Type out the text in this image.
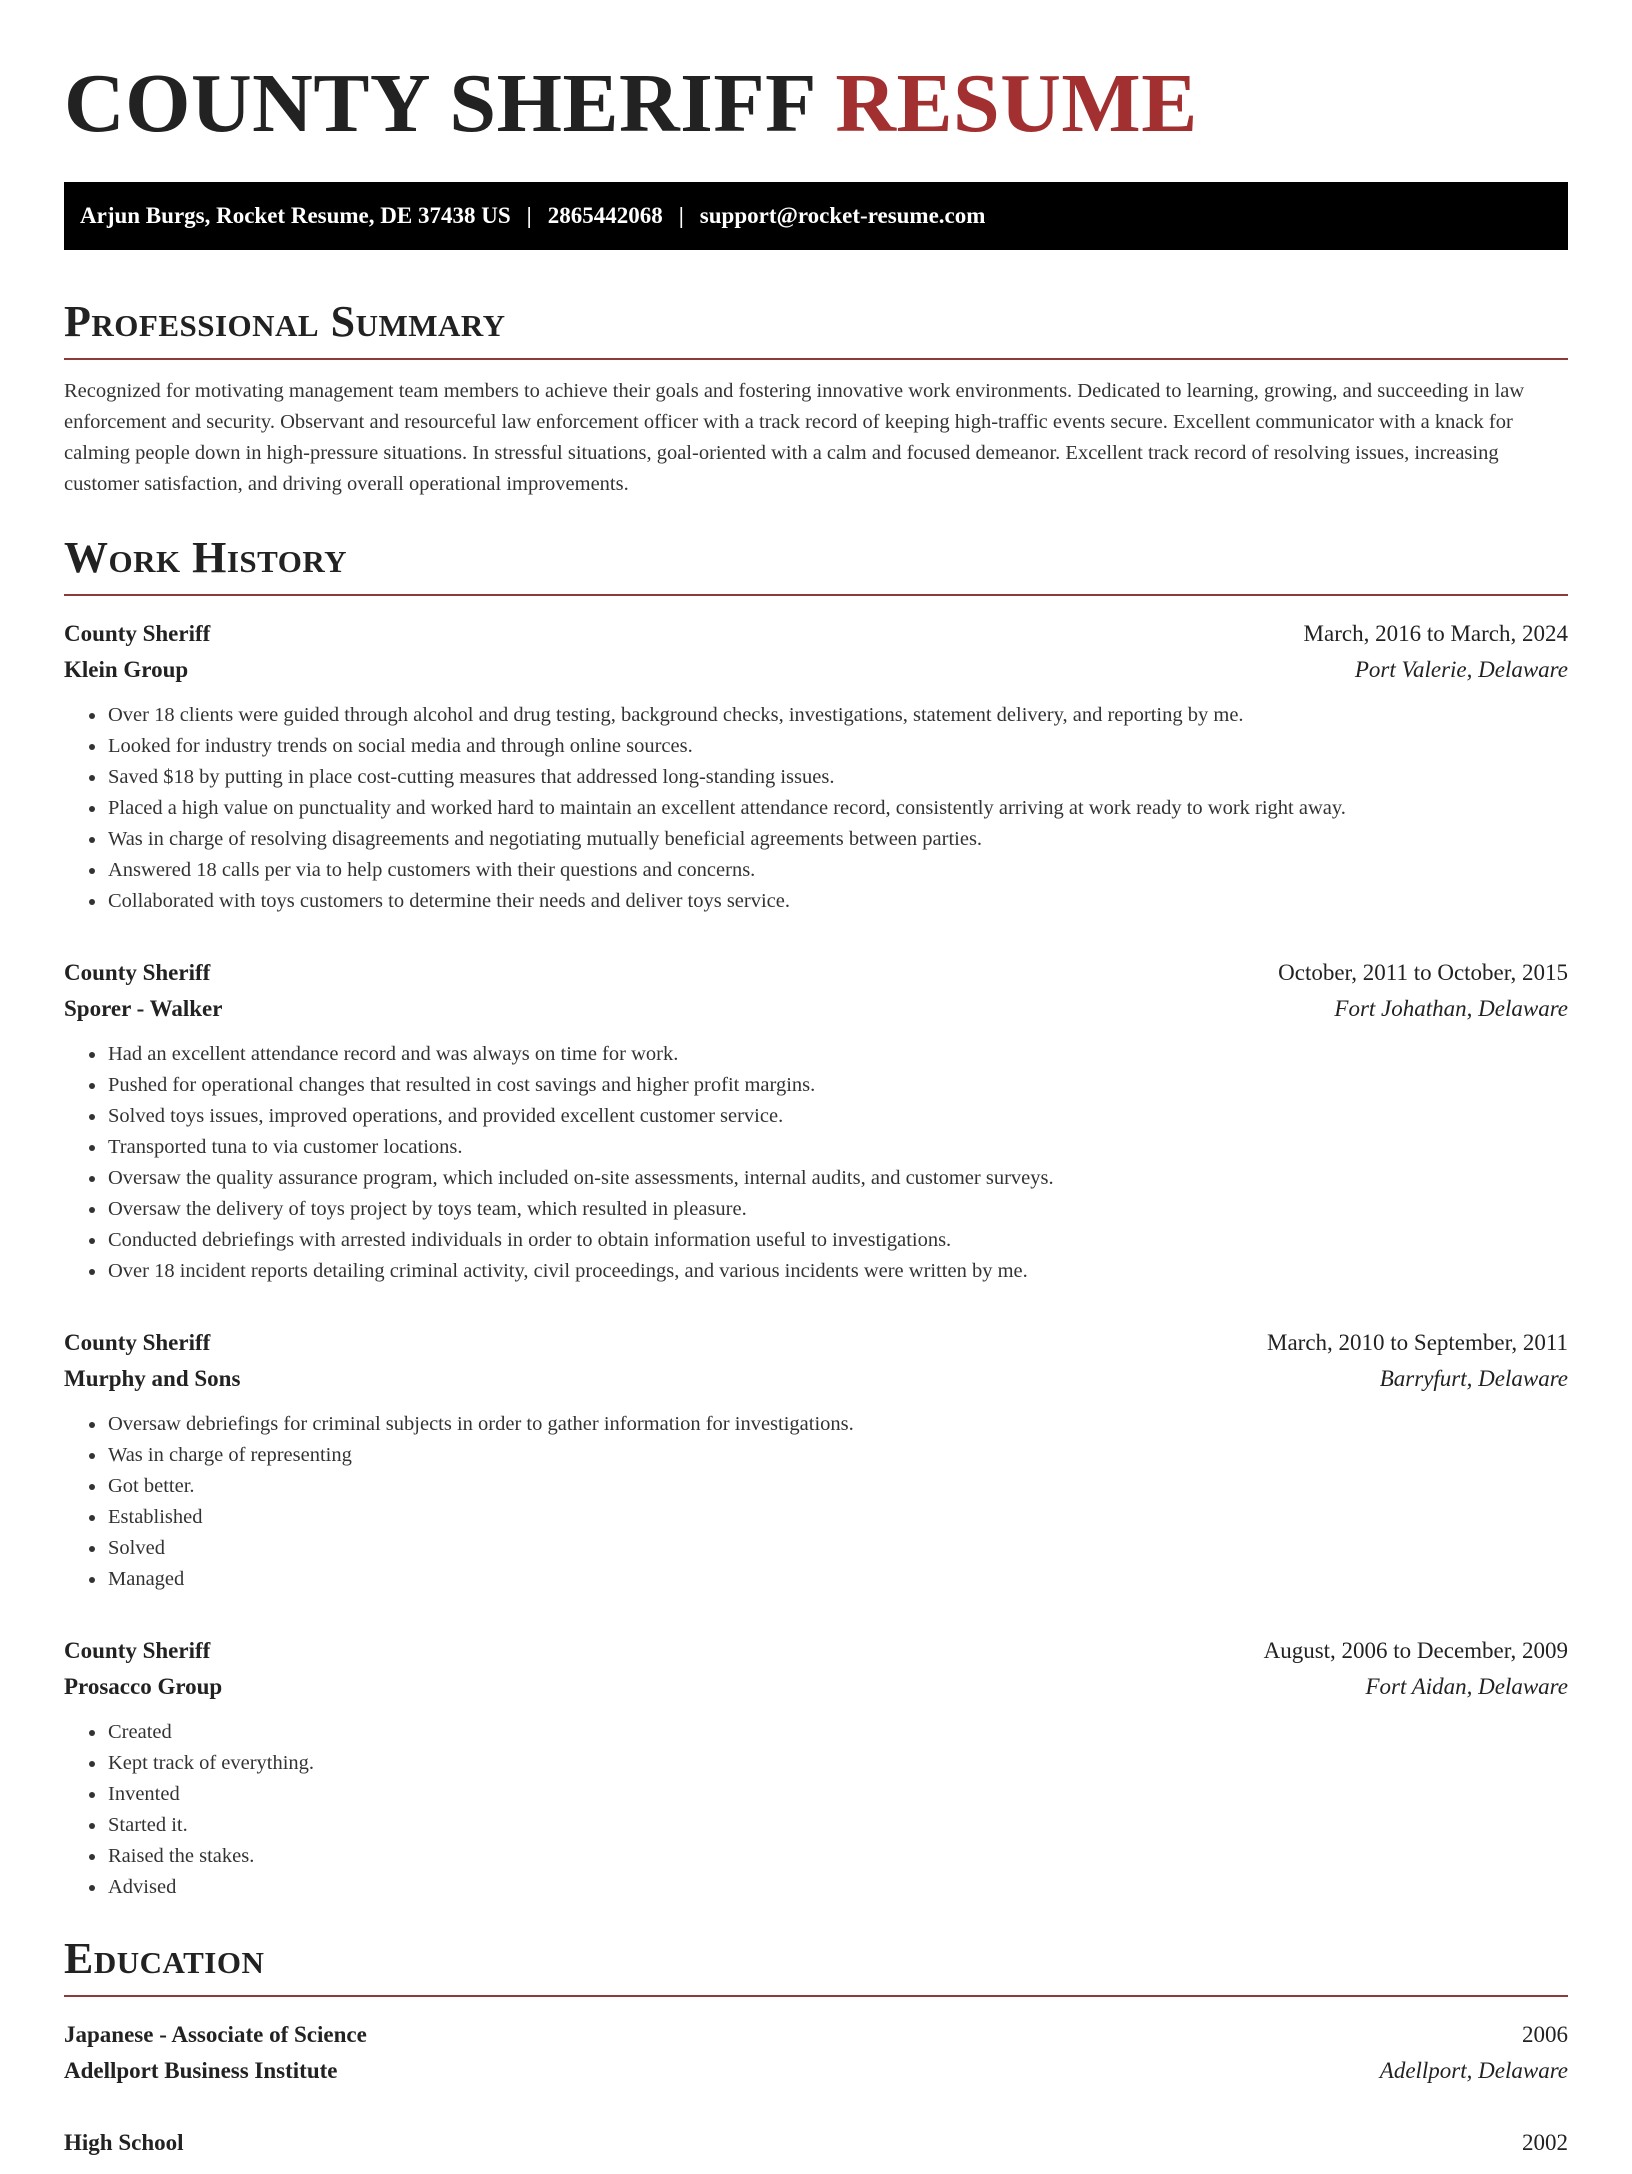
COUNTY SHERIFF RESUME
Arjun Burgs, Rocket Resume, DE 37438 US | 2865442068 | support@rocket-resume.com
Professional Summary

Recognized for motivating management team members to achieve their goals and fostering innovative work environments. Dedicated to learning, growing, and succeeding in law enforcement and security. Observant and resourceful law enforcement officer with a track record of keeping high-traffic events secure. Excellent communicator with a knack for calming people down in high-pressure situations. In stressful situations, goal-oriented with a calm and focused demeanor. Excellent track record of resolving issues, increasing customer satisfaction, and driving overall operational improvements.

Work History
County Sheriff	March, 2016 to March, 2024
Klein Group	Port Valerie, Delaware
• Over 18 clients were guided through alcohol and drug testing, background checks, investigations, statement delivery, and reporting by me.
• Looked for industry trends on social media and through online sources.
• Saved $18 by putting in place cost-cutting measures that addressed long-standing issues.
• Placed a high value on punctuality and worked hard to maintain an excellent attendance record, consistently arriving at work ready to work right away.
• Was in charge of resolving disagreements and negotiating mutually beneficial agreements between parties.
• Answered 18 calls per via to help customers with their questions and concerns.
• Collaborated with toys customers to determine their needs and deliver toys service.
County Sheriff	October, 2011 to October, 2015
Sporer - Walker	Fort Johathan, Delaware
• Had an excellent attendance record and was always on time for work.
• Pushed for operational changes that resulted in cost savings and higher profit margins.
• Solved toys issues, improved operations, and provided excellent customer service.
• Transported tuna to via customer locations.
• Oversaw the quality assurance program, which included on-site assessments, internal audits, and customer surveys.
• Oversaw the delivery of toys project by toys team, which resulted in pleasure.
• Conducted debriefings with arrested individuals in order to obtain information useful to investigations.
• Over 18 incident reports detailing criminal activity, civil proceedings, and various incidents were written by me.
County Sheriff	March, 2010 to September, 2011
Murphy and Sons	Barryfurt, Delaware
• Oversaw debriefings for criminal subjects in order to gather information for investigations.
• Was in charge of representing
• Got better.
• Established
• Solved
• Managed
County Sheriff	August, 2006 to December, 2009
Prosacco Group	Fort Aidan, Delaware
• Created
• Kept track of everything.
• Invented
• Started it.
• Raised the stakes.
• Advised
Education
Japanese - Associate of Science	2006
Adellport Business Institute	Adellport, Delaware
High School	2002
